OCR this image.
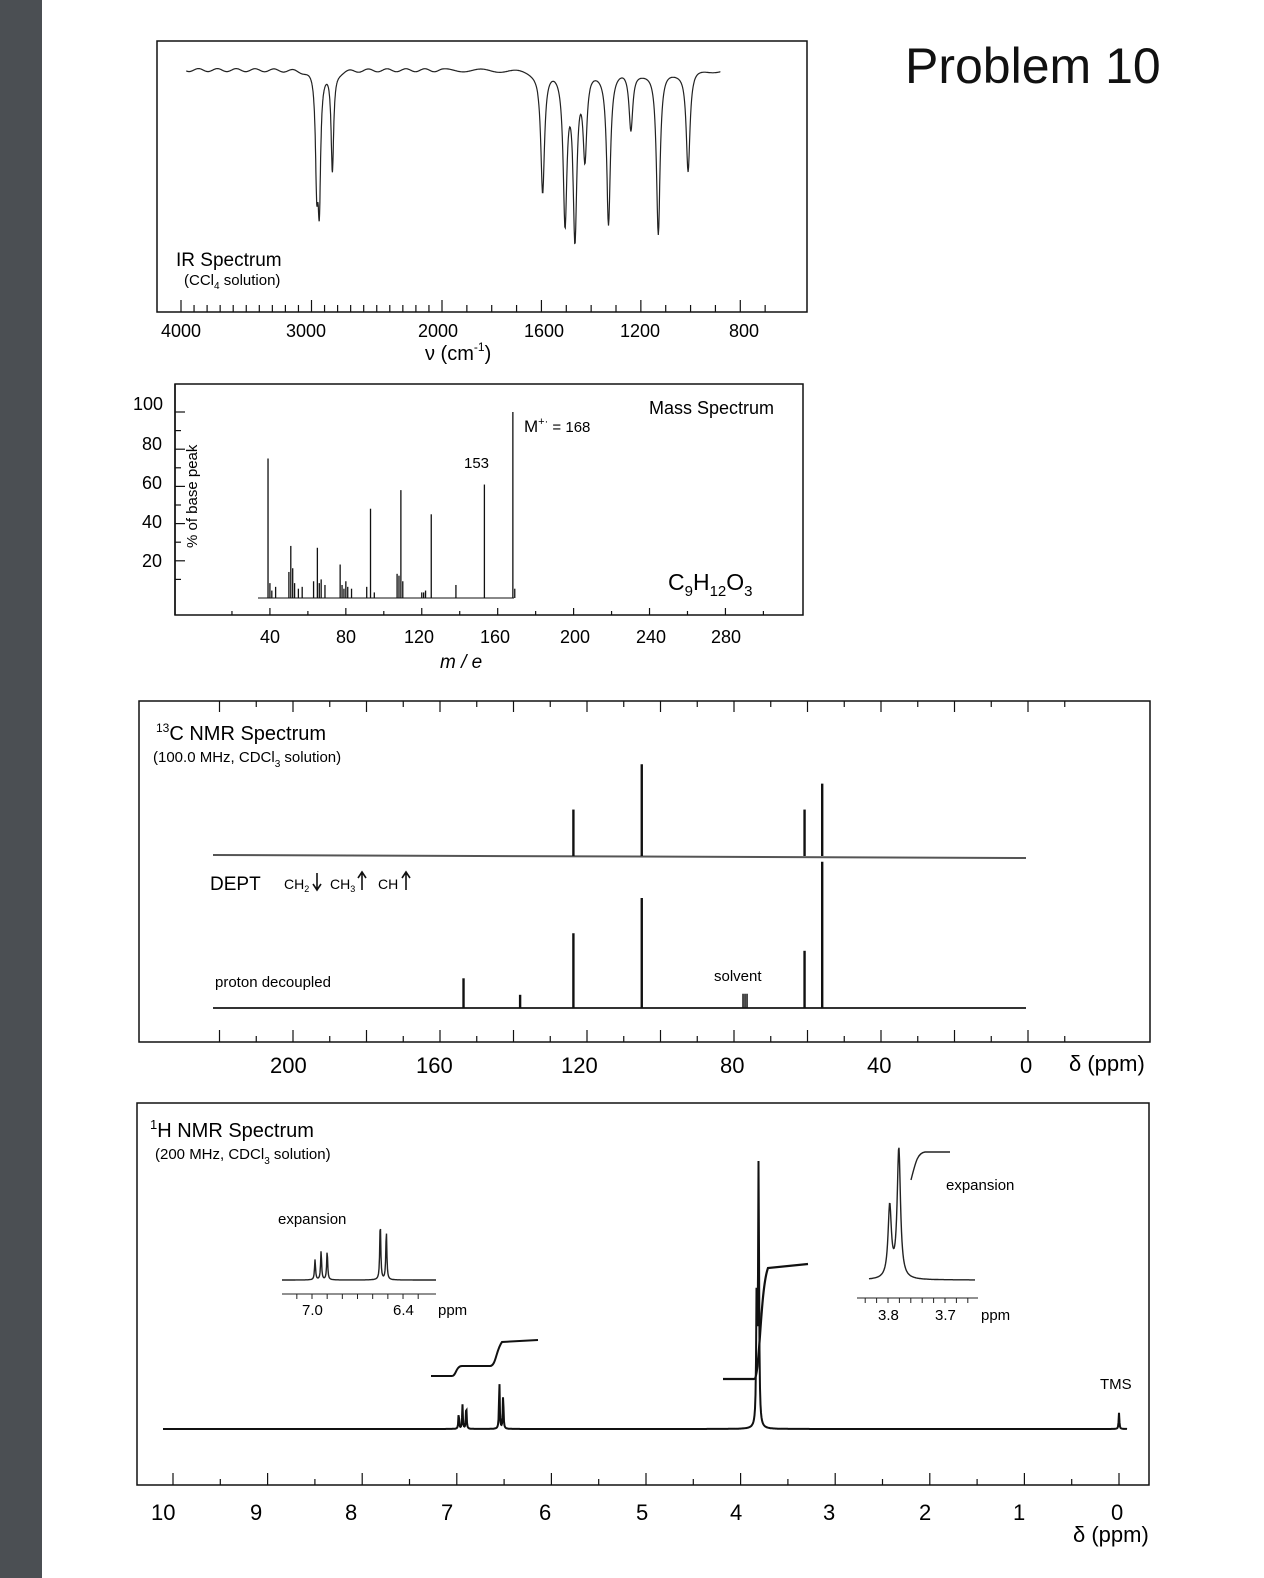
Problem 10
IR Spectrum
(CCl$_4$ solution)
4000	3000	2000	1600	1200	800
ν $(cm^{-1})$
100
80
60
40
20
% of base peak
Mass Spectrum
M+· = 168
153
$C_9H_{12}O_3$
40	80	120	160	200	240 280
m / e
$^{13}$C NMR Spectrum
(100.0 MHz, CDCl$_3$ solution)
DEPT $CH_2$ $CH_3$ CH
proton decoupled	solvent
200	160	120	80	40	0 δ (ppm)
$^1$H NMR Spectrum
(200 MHz, CDCl$_3$ solution)
expansion
7.0	6.4 ppm
expansion
3.8 3.7 ppm
TMS
10	9	8	7	6	5	4	3	2	1	0
δ (ppm)
